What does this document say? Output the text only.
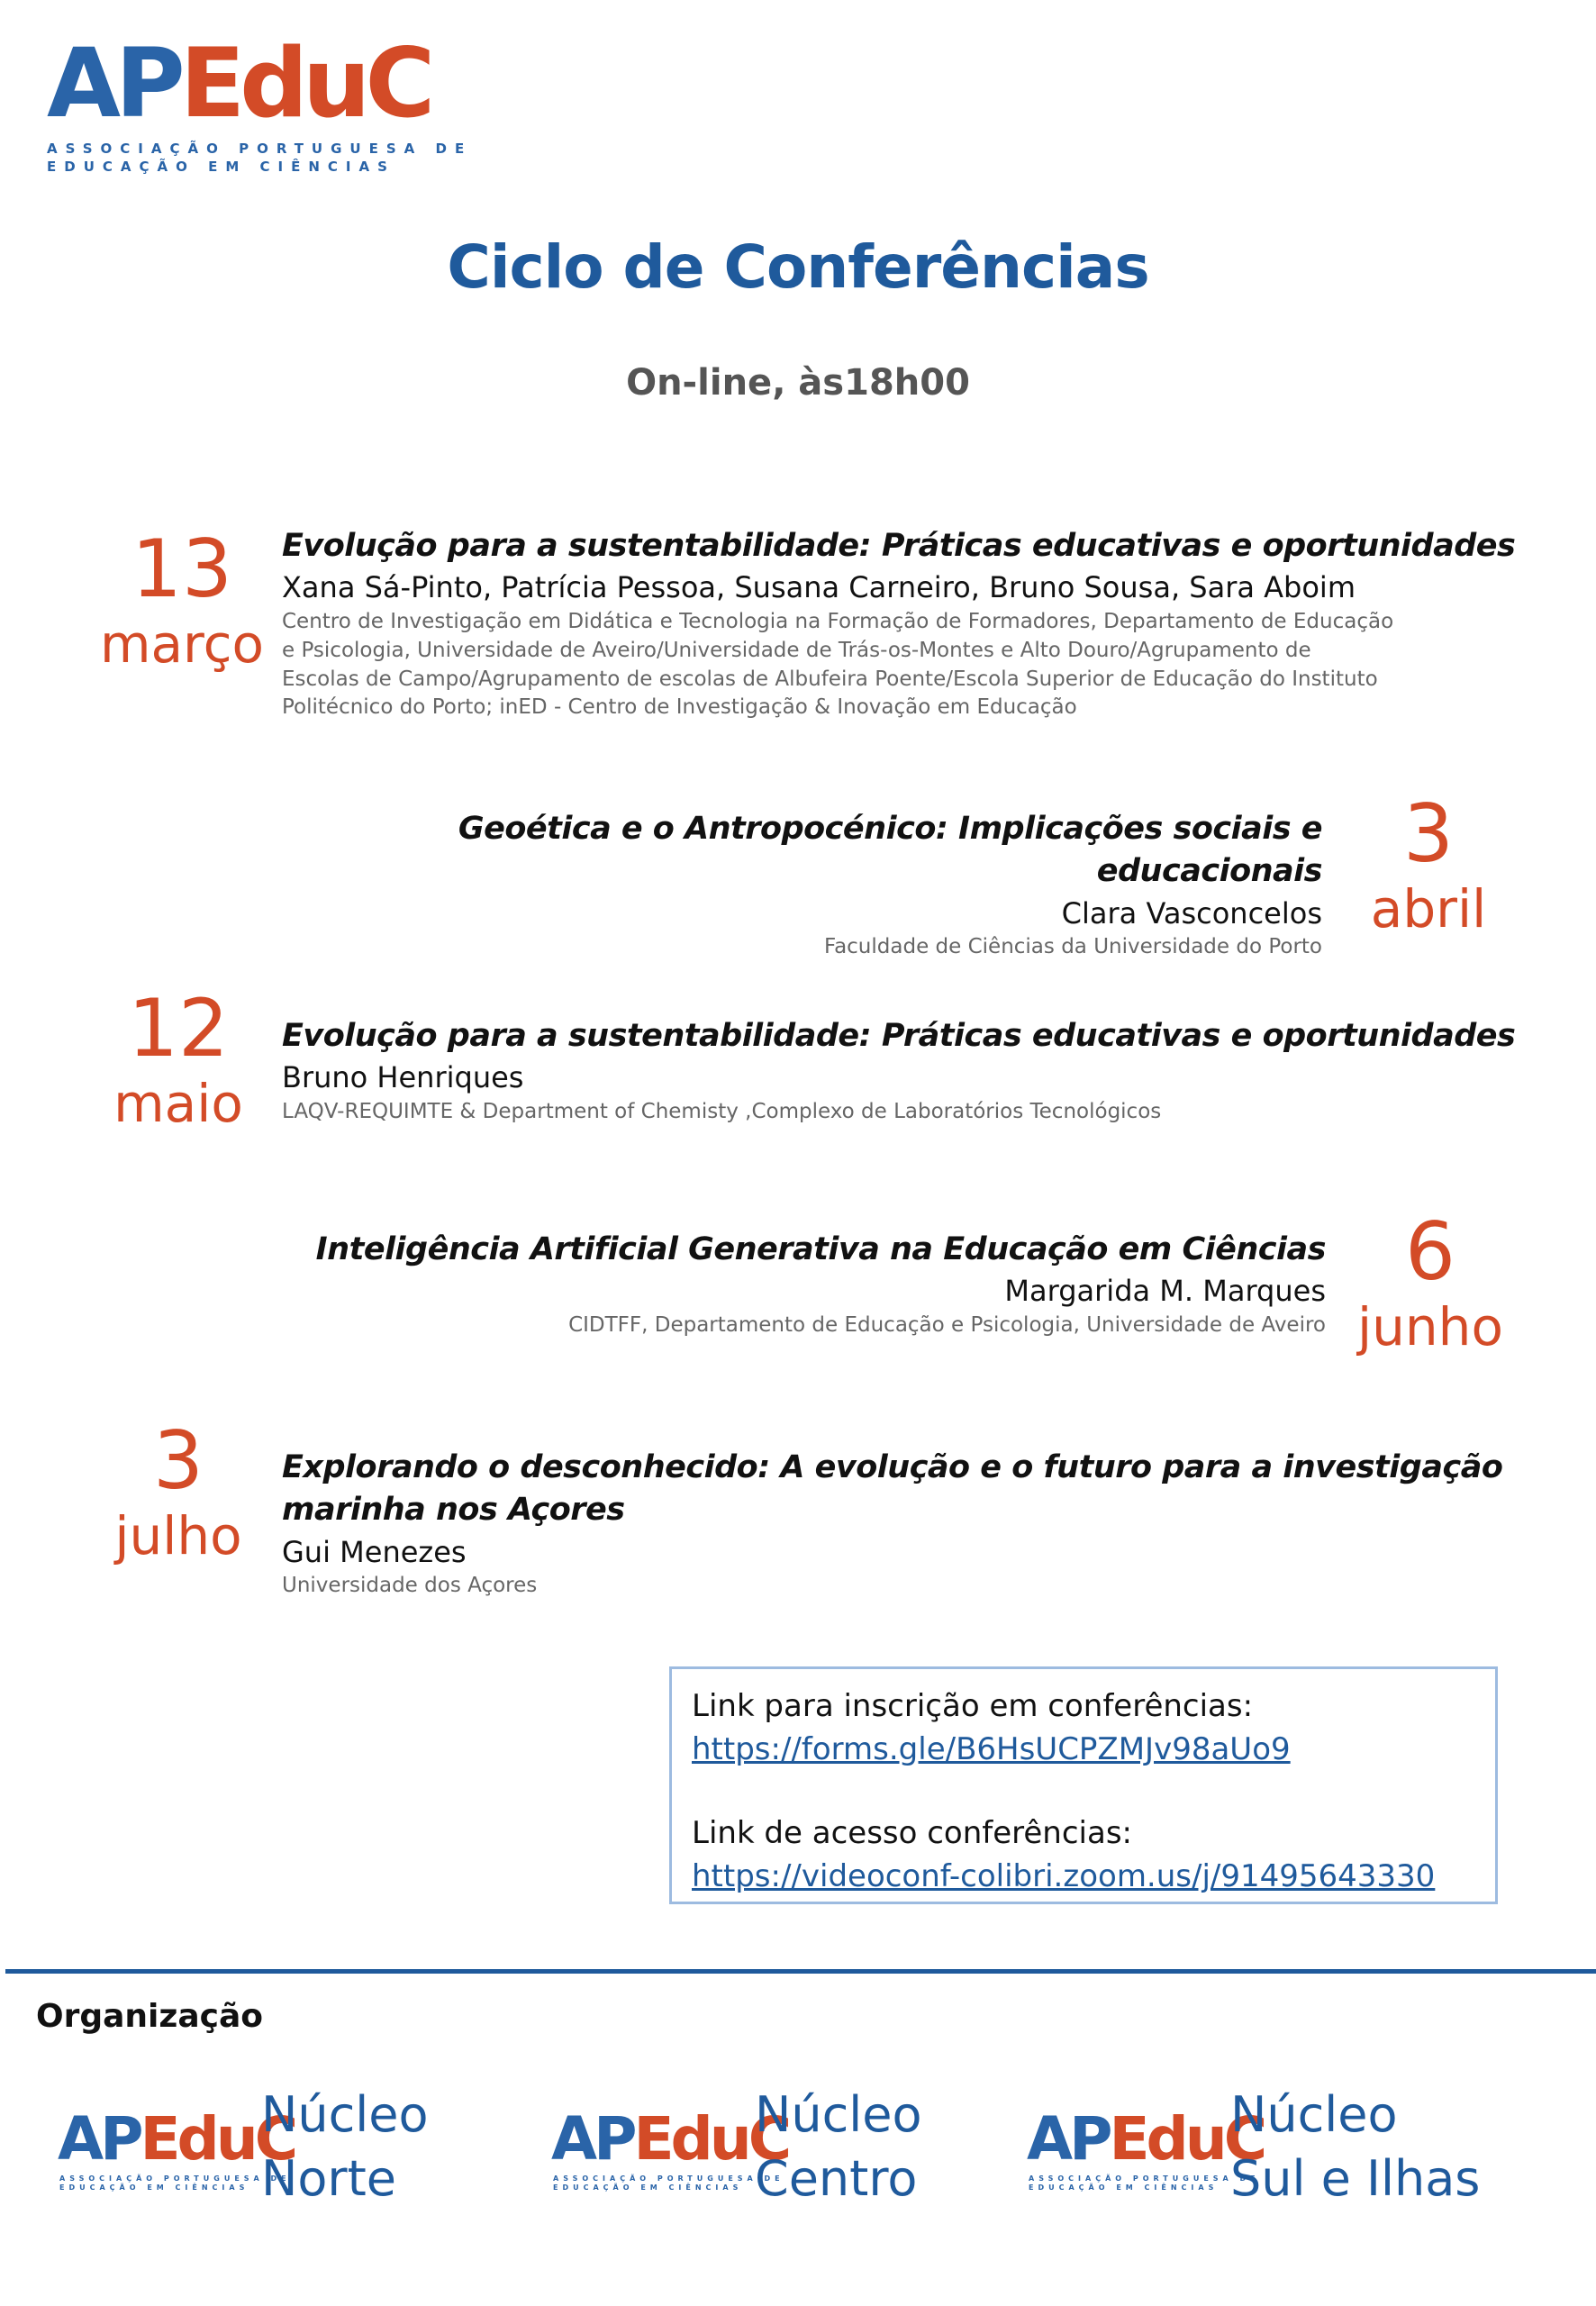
APEduC
ASSOCIAÇÃO PORTUGUESA DE
EDUCAÇÃO EM CIÊNCIAS
Ciclo de Conferências
On-line, às18h00
13
março
Evolução para a sustentabilidade: Práticas educativas e oportunidades
Xana Sá-Pinto, Patrícia Pessoa, Susana Carneiro, Bruno Sousa, Sara Aboim
Centro de Investigação em Didática e Tecnologia na Formação de Formadores, Departamento de Educação
e Psicologia, Universidade de Aveiro/Universidade de Trás-os-Montes e Alto Douro/Agrupamento de
Escolas de Campo/Agrupamento de escolas de Albufeira Poente/Escola Superior de Educação do Instituto
Politécnico do Porto; inED - Centro de Investigação & Inovação em Educação
Geoética e o Antropocénico: Implicações sociais e educacionais
Clara Vasconcelos
Faculdade de Ciências da Universidade do Porto
3
abril
12
maio
Evolução para a sustentabilidade: Práticas educativas e oportunidades
Bruno Henriques
LAQV-REQUIMTE & Department of Chemisty ,Complexo de Laboratórios Tecnológicos
Inteligência Artificial Generativa na Educação em Ciências
Margarida M. Marques
CIDTFF, Departamento de Educação e Psicologia, Universidade de Aveiro
6
junho
3
julho
Explorando o desconhecido: A evolução e o futuro para a investigação
marinha nos Açores
Gui Menezes
Universidade dos Açores
Link para inscrição em conferências:
https://forms.gle/B6HsUCPZMJv98aUo9
Link de acesso conferências:
https://videoconf-colibri.zoom.us/j/91495643330
Organização
APEduC
ASSOCIAÇÃO PORTUGUESA DE
EDUCAÇÃO EM CIÊNCIAS
Núcleo
Norte
APEduC
ASSOCIAÇÃO PORTUGUESA DE
EDUCAÇÃO EM CIÊNCIAS
Núcleo
Centro
APEduC
ASSOCIAÇÃO PORTUGUESA DE
EDUCAÇÃO EM CIÊNCIAS
Núcleo
Sul e Ilhas
